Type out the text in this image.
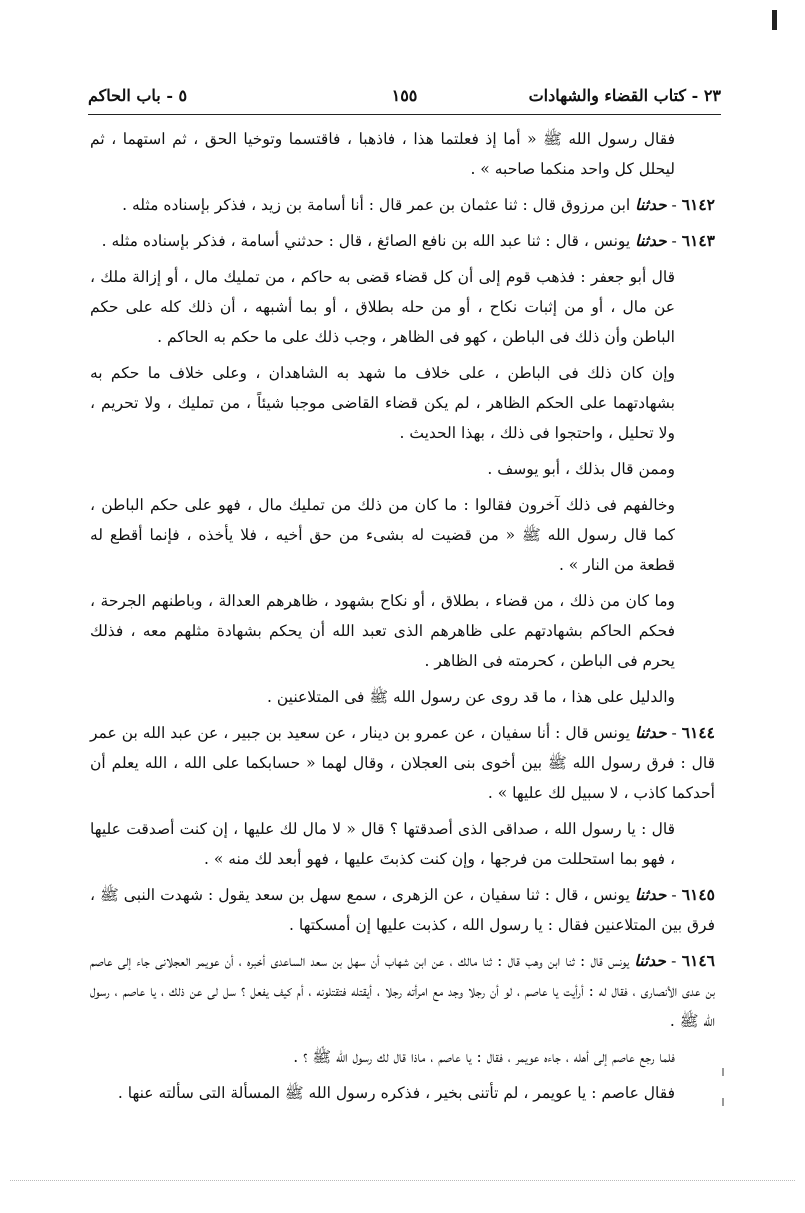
٢٣ - كتاب القضاء والشهادات
١٥٥
٥ - باب الحاكم

فقال رسول الله ﷺ « أما إذ فعلتما هذا ، فاذهبا ، فاقتسما وتوخيا الحق ، ثم استهما ، ثم ليحلل كل واحد منكما صاحبه » .

٦١٤٢ - حدثنا ابن مرزوق قال : ثنا عثمان بن عمر قال : أنا أسامة بن زيد ، فذكر بإسناده مثله .

٦١٤٣ - حدثنا يونس ، قال : ثنا عبد الله بن نافع الصائغ ، قال : حدثني أسامة ، فذكر بإسناده مثله .

قال أبو جعفر : فذهب قوم إلى أن كل قضاء قضى به حاكم ، من تمليك مال ، أو إزالة ملك ، عن مال ، أو من إثبات نكاح ، أو من حله بطلاق ، أو بما أشبهه ، أن ذلك كله على حكم الباطن وأن ذلك فى الباطن ، كهو فى الظاهر ، وجب ذلك على ما حكم به الحاكم .

وإن كان ذلك فى الباطن ، على خلاف ما شهد به الشاهدان ، وعلى خلاف ما حكم به بشهادتهما على الحكم الظاهر ، لم يكن قضاء القاضى موجبا شيئاً ، من تمليك ، ولا تحريم ، ولا تحليل ، واحتجوا فى ذلك ، بهذا الحديث .

وممن قال بذلك ، أبو يوسف .

وخالفهم فى ذلك آخرون فقالوا : ما كان من ذلك من تمليك مال ، فهو على حكم الباطن ، كما قال رسول الله ﷺ « من قضيت له بشىء من حق أخيه ، فلا يأخذه ، فإنما أقطع له قطعة من النار » .

وما كان من ذلك ، من قضاء ، بطلاق ، أو نكاح بشهود ، ظاهرهم العدالة ، وباطنهم الجرحة ، فحكم الحاكم بشهادتهم على ظاهرهم الذى تعبد الله أن يحكم بشهادة مثلهم معه ، فذلك يحرم فى الباطن ، كحرمته فى الظاهر .

والدليل على هذا ، ما قد روى عن رسول الله ﷺ فى المتلاعنين .

٦١٤٤ - حدثنا يونس قال : أنا سفيان ، عن عمرو بن دينار ، عن سعيد بن جبير ، عن عبد الله بن عمر قال : فرق رسول الله ﷺ بين أخوى بنى العجلان ، وقال لهما « حسابكما على الله ، الله يعلم أن أحدكما كاذب ، لا سبيل لك عليها » .

قال : يا رسول الله ، صداقى الذى أصدقتها ؟ قال « لا مال لك عليها ، إن كنت أصدقت عليها ، فهو بما استحللت من فرجها ، وإن كنت كذبتَ عليها ، فهو أبعد لك منه » .

٦١٤٥ - حدثنا يونس ، قال : ثنا سفيان ، عن الزهرى ، سمع سهل بن سعد يقول : شهدت النبى ﷺ ، فرق بين المتلاعنين فقال : يا رسول الله ، كذبت عليها إن أمسكتها .

٦١٤٦ - حدثنا يونس قال : ثنا ابن وهب قال : ثنا مالك ، عن ابن شهاب أن سهل بن سعد الساعدى أخبره ، أن عويمر العجلانى جاء إلى عاصم بن عدى الأنصارى ، فقال له : أرأيت يا عاصم ، لو أن رجلا وجد مع امرأته رجلا ، أيقتله فتقتلونه ، أم كيف يفعل ؟ سل لى عن ذلك ، يا عاصم ، رسول الله ﷺ .

فلما رجع عاصم إلى أهله ، جاءه عويمر ، فقال : يا عاصم ، ماذا قال لك رسول الله ﷺ ؟ .

فقال عاصم : يا عويمر ، لم تأتنى بخير ، فذكره رسول الله ﷺ المسألة التى سألته عنها .
